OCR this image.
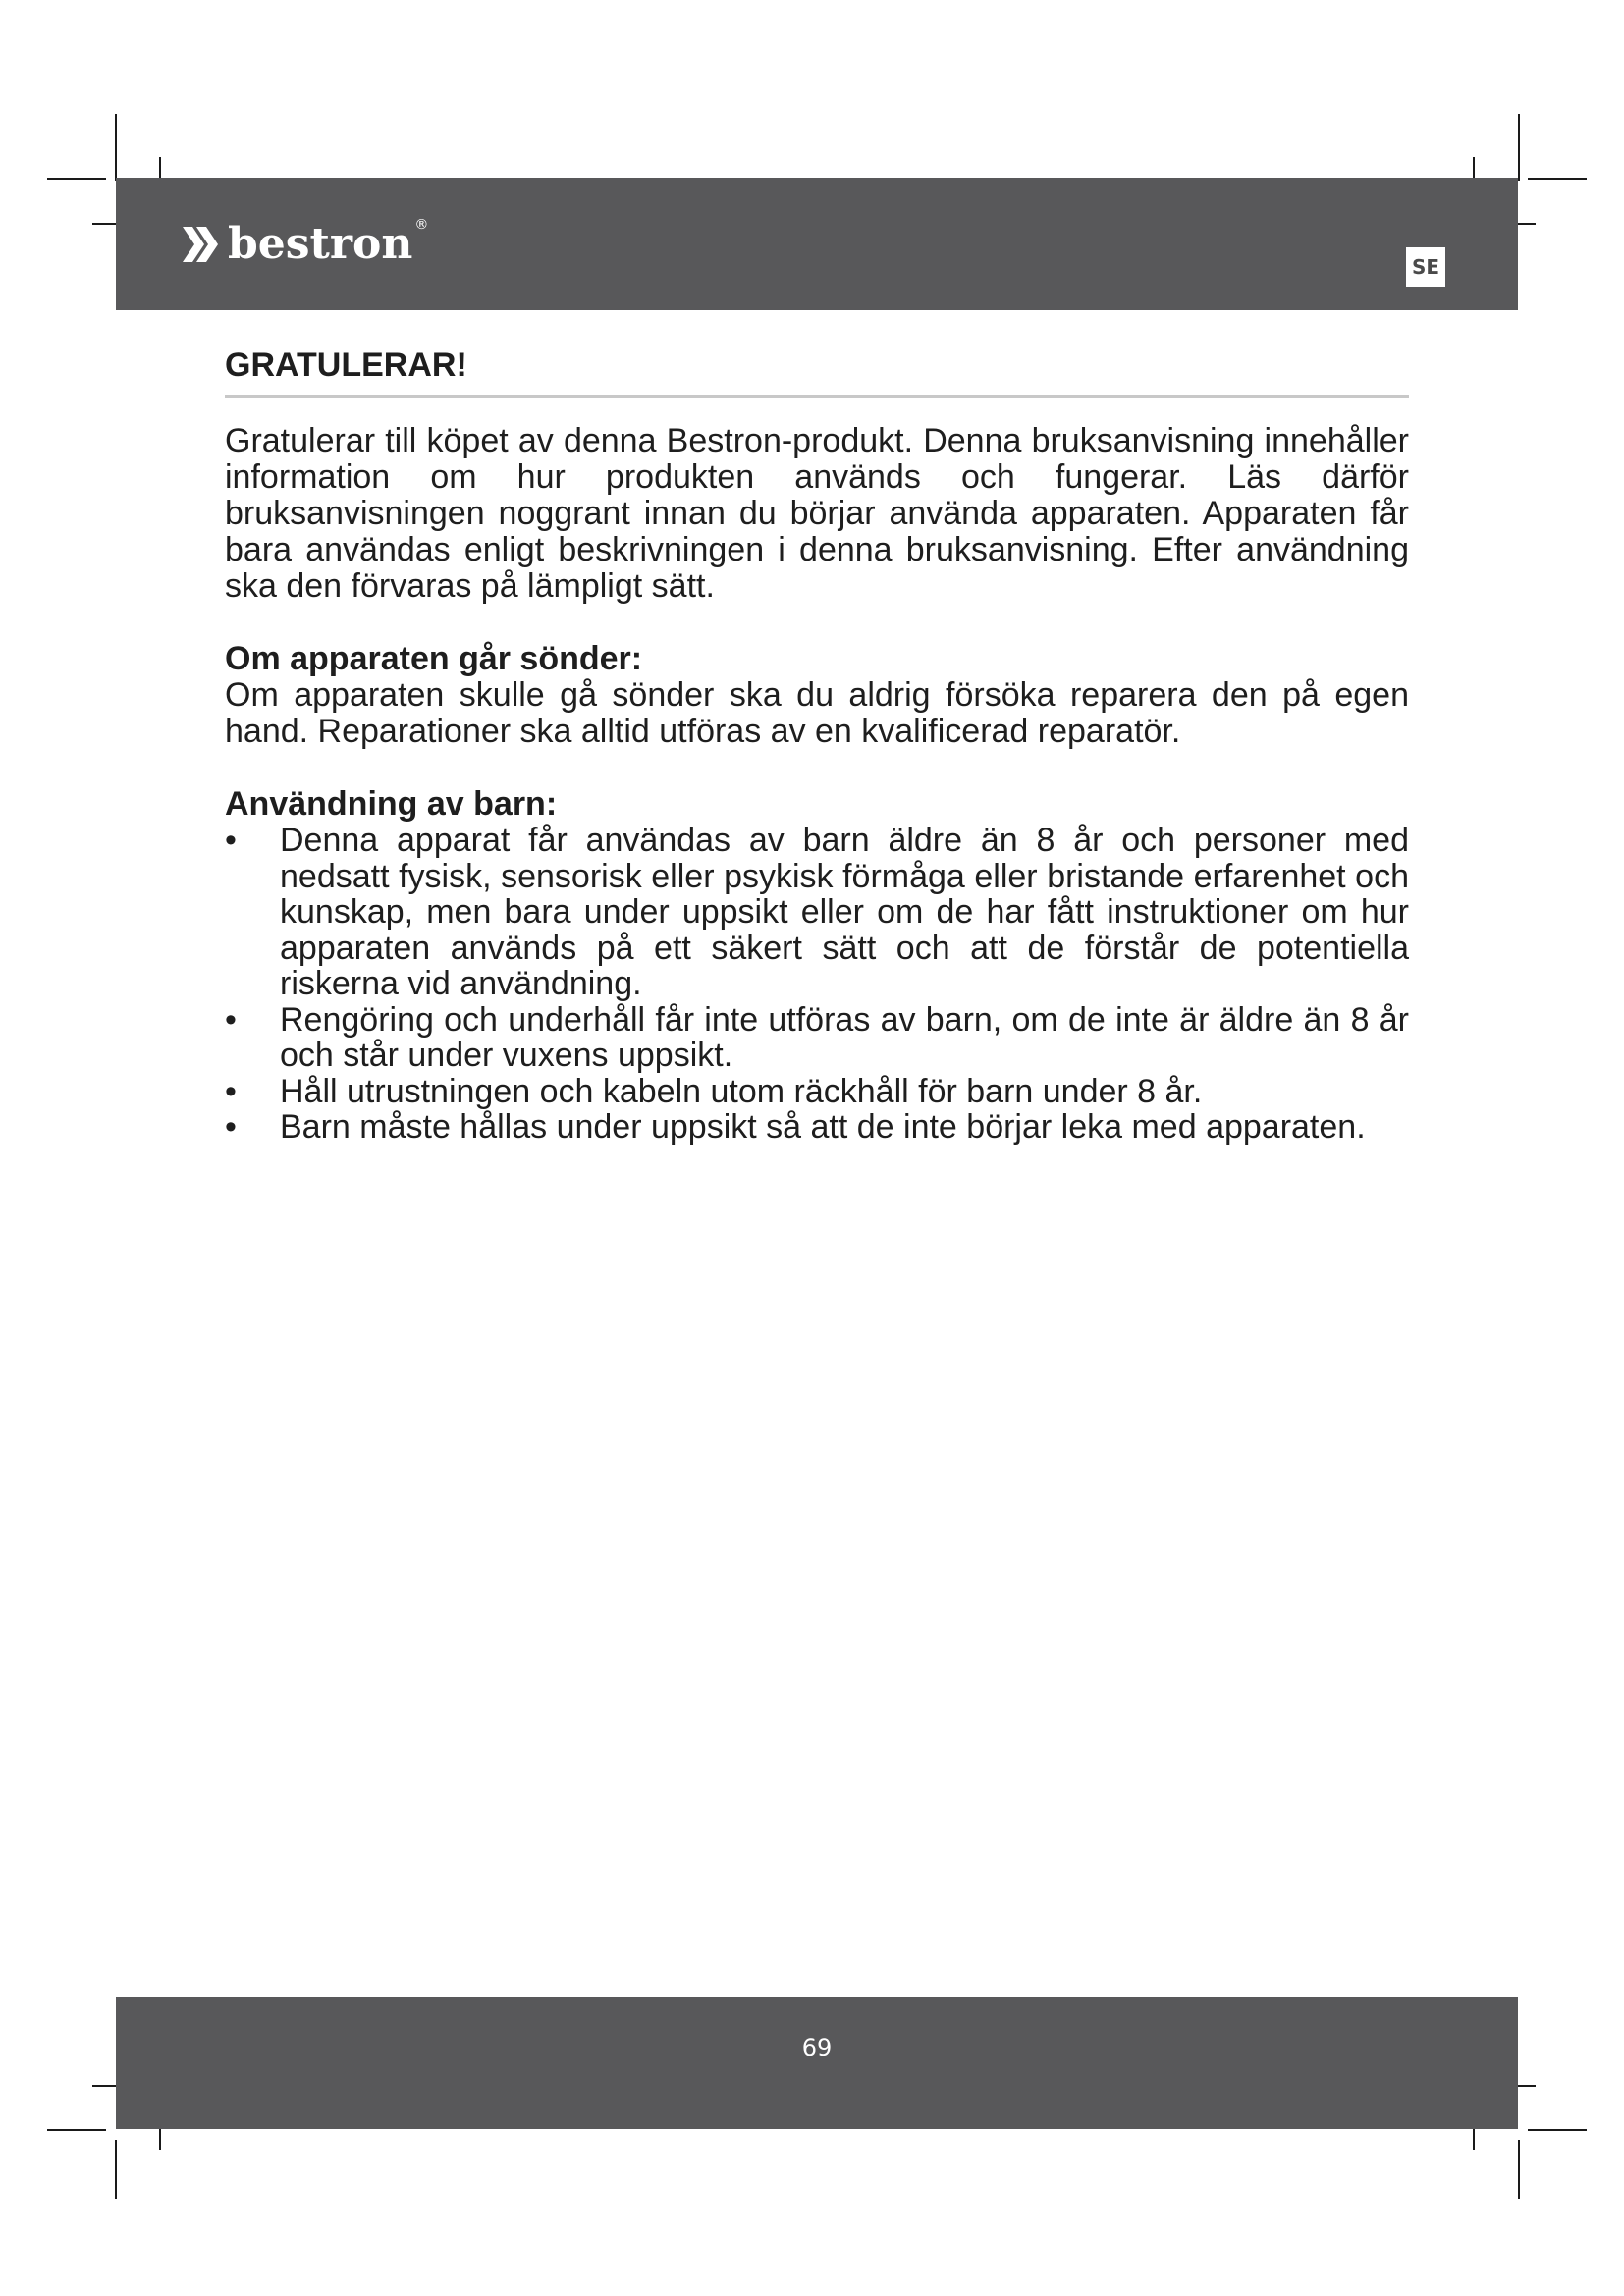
bestron ®
SE
GRATULERAR!

Gratulerar till köpet av denna Bestron-produkt. Denna bruksanvisning innehåller information om hur produkten används och fungerar. Läs därför bruksanvisningen noggrant innan du börjar använda apparaten. Apparaten får bara användas enligt beskrivningen i denna bruksanvisning. Efter användning ska den förvaras på lämpligt sätt.

Om apparaten går sönder:

Om apparaten skulle gå sönder ska du aldrig försöka reparera den på egen hand. Reparationer ska alltid utföras av en kvalificerad reparatör.

Användning av barn:
• Denna apparat får användas av barn äldre än 8 år och personer med nedsatt fysisk, sensorisk eller psykisk förmåga eller bristande erfarenhet och kunskap, men bara under uppsikt eller om de har fått instruktioner om hur apparaten används på ett säkert sätt och att de förstår de potentiella riskerna vid användning.
• Rengöring och underhåll får inte utföras av barn, om de inte är äldre än 8 år och står under vuxens uppsikt.
• Håll utrustningen och kabeln utom räckhåll för barn under 8 år.
• Barn måste hållas under uppsikt så att de inte börjar leka med apparaten.
69
